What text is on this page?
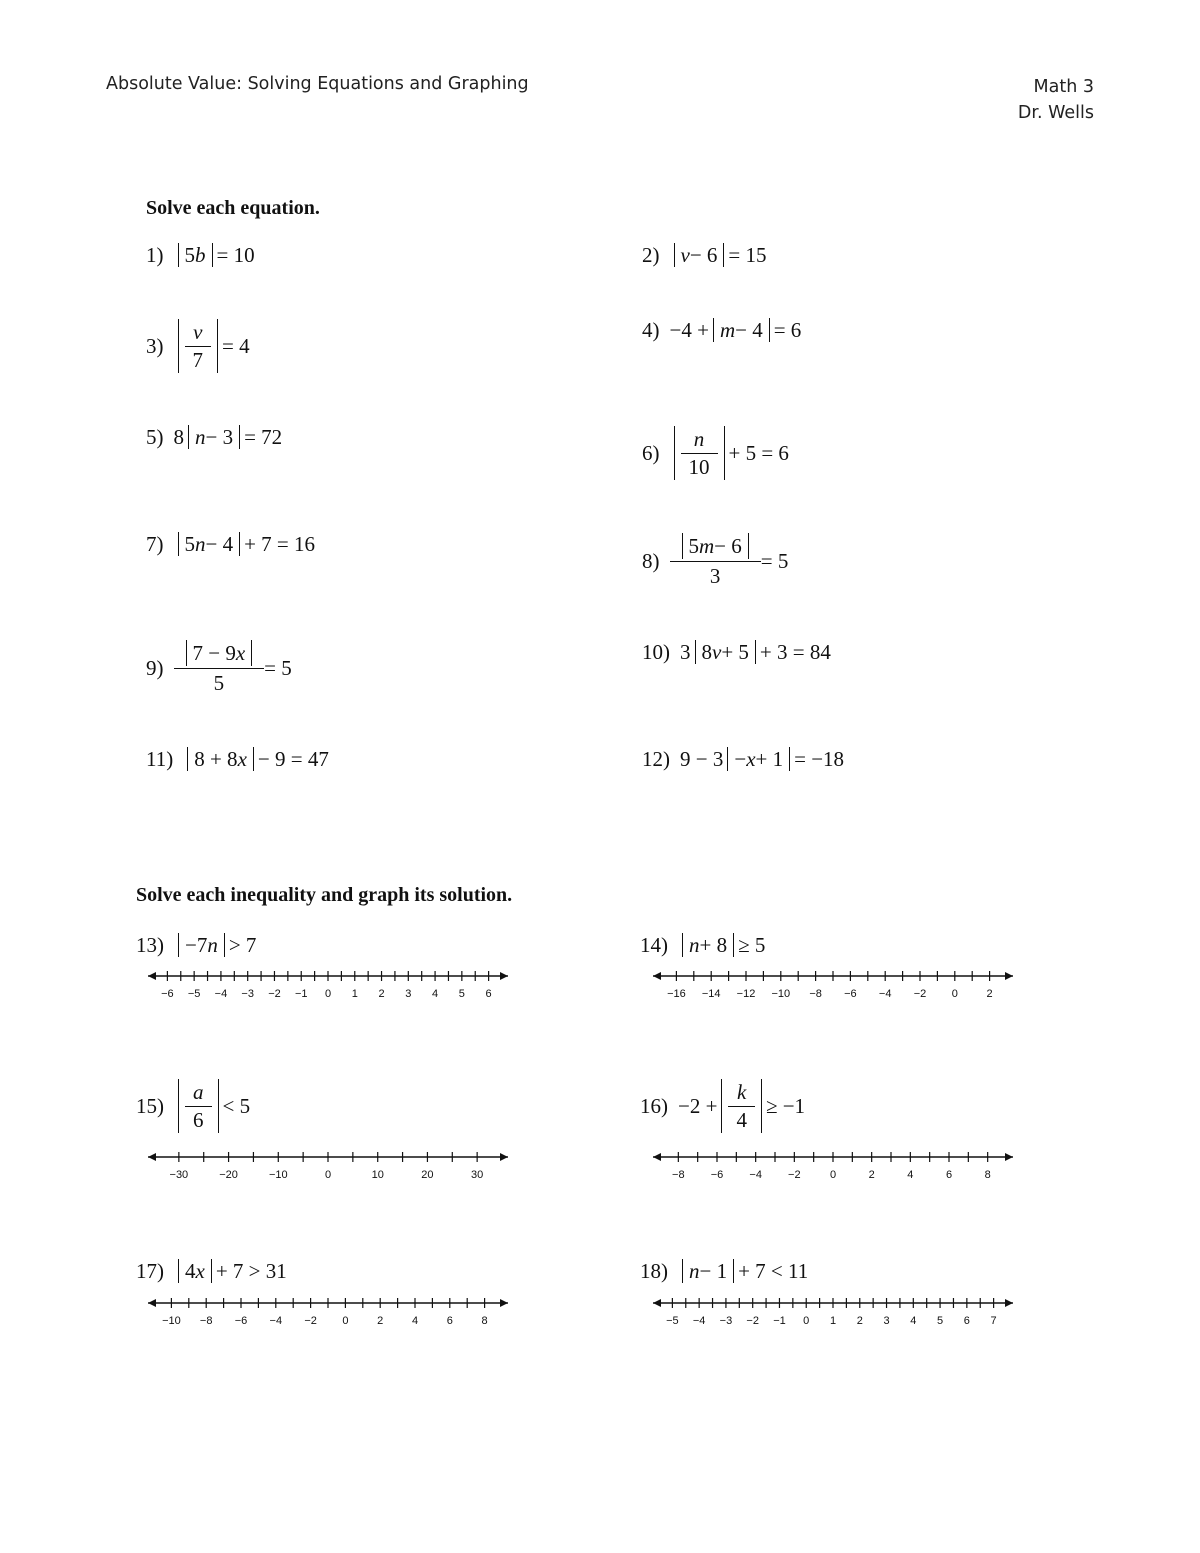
Absolute Value: Solving Equations and Graphing	Math 3
Dr. Wells
Solve each equation.
1) 5 b = 10	2) v − 6 = 15
$3) \frac{v}{7} = 4$
4) −4 + m − 4 = 6
5) 8 n − 3 = 72
$6) \frac{n}{10} + 5 = 6$
7) 5 n − 4 + 7 = 16
$8) \frac{5 m - 6}{3} = 5$
$9) \frac{7 - 9 x}{5} = 5$
10) 3 8 v + 5 + 3 = 84
11) 8 + 8 x − 9 = 47	12) 9 − 3 − x + 1 = −18
Solve each inequality and graph its solution.
13) −7 n > 7	14) n + 8 ≥ 5
−6 −5 −4 −3 −2 −1 0 1 2 3 4 5 6	−16 −14 −12 −10 −8 −6 −4 −2 0	2
$15) \frac{a}{6} < 5$	$16) -2 + \frac{k}{4} \ge -1$
−30	−20	−10	0	10	20	30	−8 −6 −4 −2	0	2	4	6	8
17) 4 x + 7 > 31	18) n − 1 + 7 < 11
−10 −8 −6 −4 −2 0	2	4	6	8	−5 −4 −3 −2 −1 0 1 2 3 4 5 6 7
